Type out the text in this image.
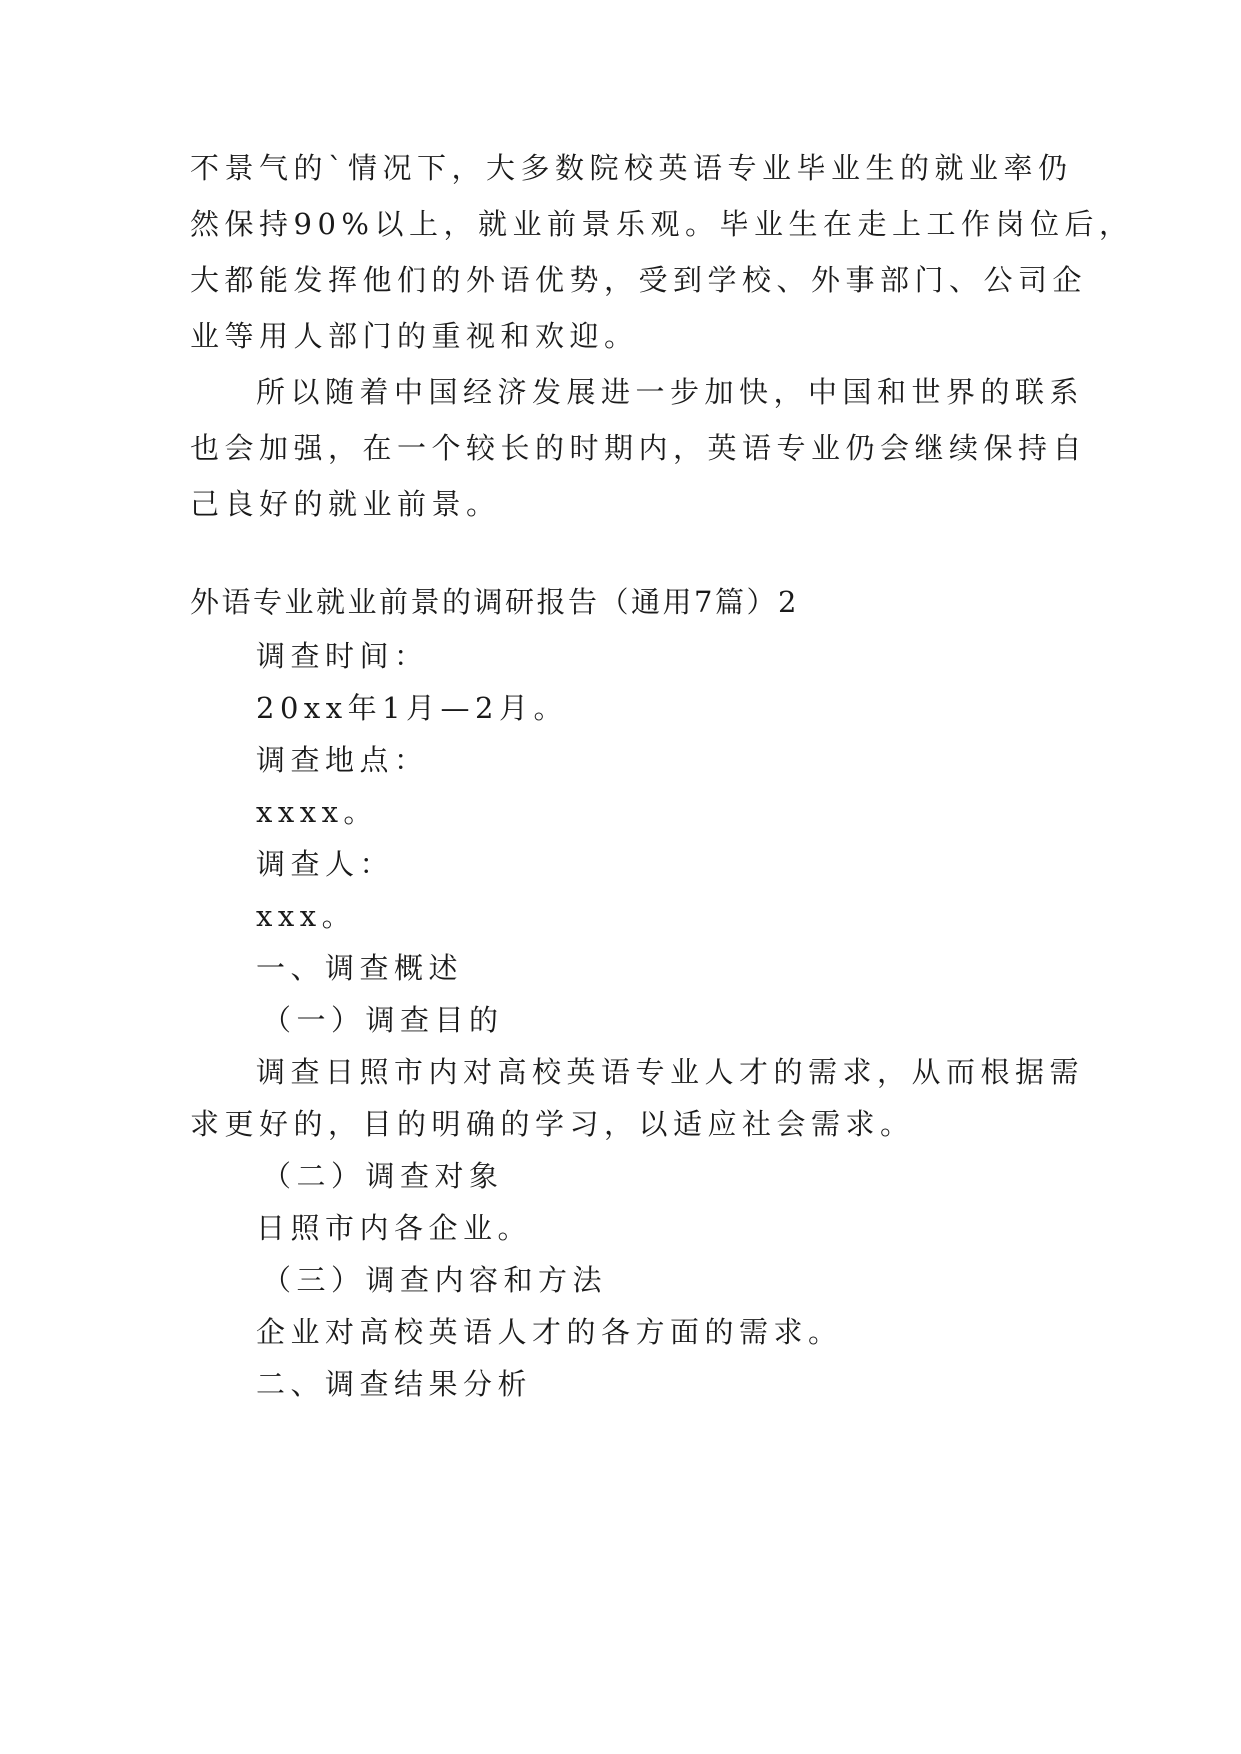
不景气的`情况下，大多数院校英语专业毕业生的就业率仍
然保持90%以上，就业前景乐观。毕业生在走上工作岗位后，
大都能发挥他们的外语优势，受到学校、外事部门、公司企
业等用人部门的重视和欢迎。
所以随着中国经济发展进一步加快，中国和世界的联系
也会加强，在一个较长的时期内，英语专业仍会继续保持自
己良好的就业前景。
外语专业就业前景的调研报告（通用7篇）2
调查时间：
20xx年1月—2月。
调查地点：
xxxx。
调查人：
xxx。
一、调查概述
（一）调查目的
调查日照市内对高校英语专业人才的需求，从而根据需
求更好的，目的明确的学习，以适应社会需求。
（二）调查对象
日照市内各企业。
（三）调查内容和方法
企业对高校英语人才的各方面的需求。
二、调查结果分析
